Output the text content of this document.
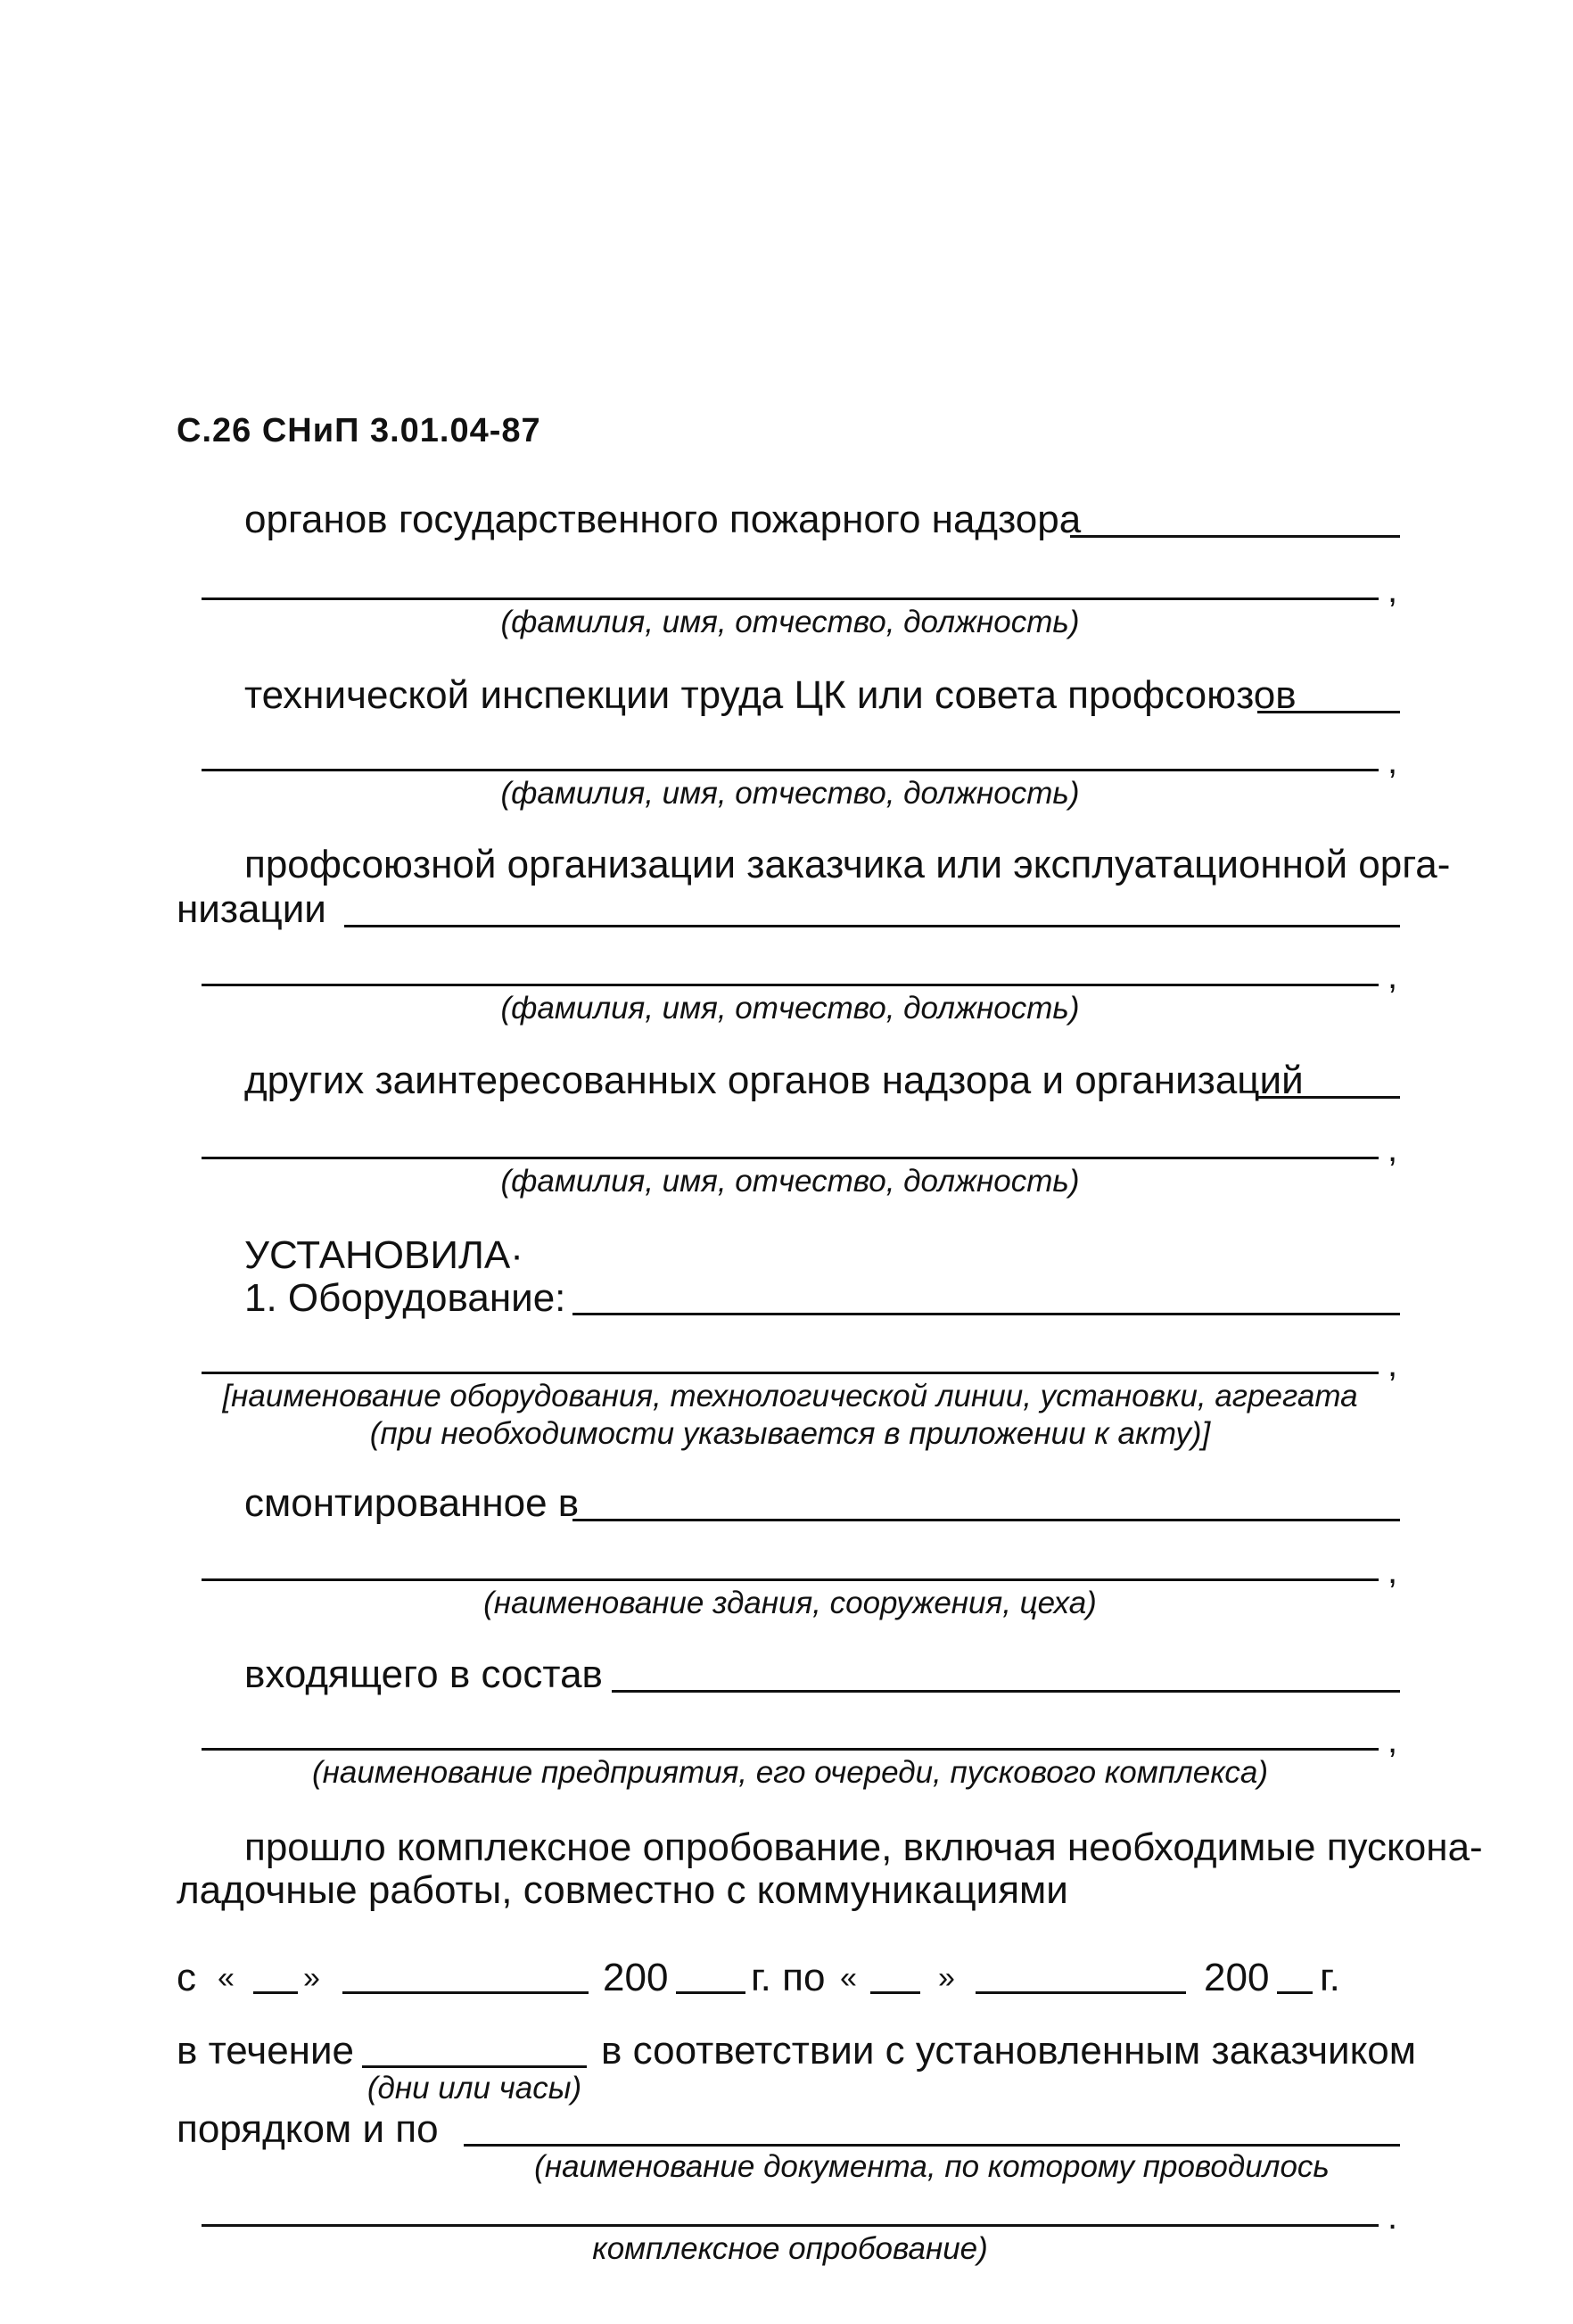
С.26 СНиП 3.01.04-87
органов государственного пожарного надзора
,
(фамилия, имя, отчество, должность)
технической инспекции труда ЦК или совета профсоюзов
,
(фамилия, имя, отчество, должность)
профсоюзной организации заказчика или эксплуатационной орга-
низации
,
(фамилия, имя, отчество, должность)
других заинтересованных органов надзора и организаций
,
(фамилия, имя, отчество, должность)
УСТАНОВИЛА·
1. Оборудование:
,
[наименование оборудования, технологической линии, установки, агрегата
(при необходимости указывается в приложении к акту)]
смонтированное в
,
(наименование здания, сооружения, цеха)
входящего в состав
,
(наименование предприятия, его очереди, пускового комплекса)
прошло комплексное опробование, включая необходимые пускона-
ладочные работы, совместно с коммуникациями
с « »	200 г. по «	»	200 г.
в течение	в соответствии с установленным заказчиком
(дни или часы)
порядком и по
(наименование документа, по которому проводилось
.
комплексное опробование)
